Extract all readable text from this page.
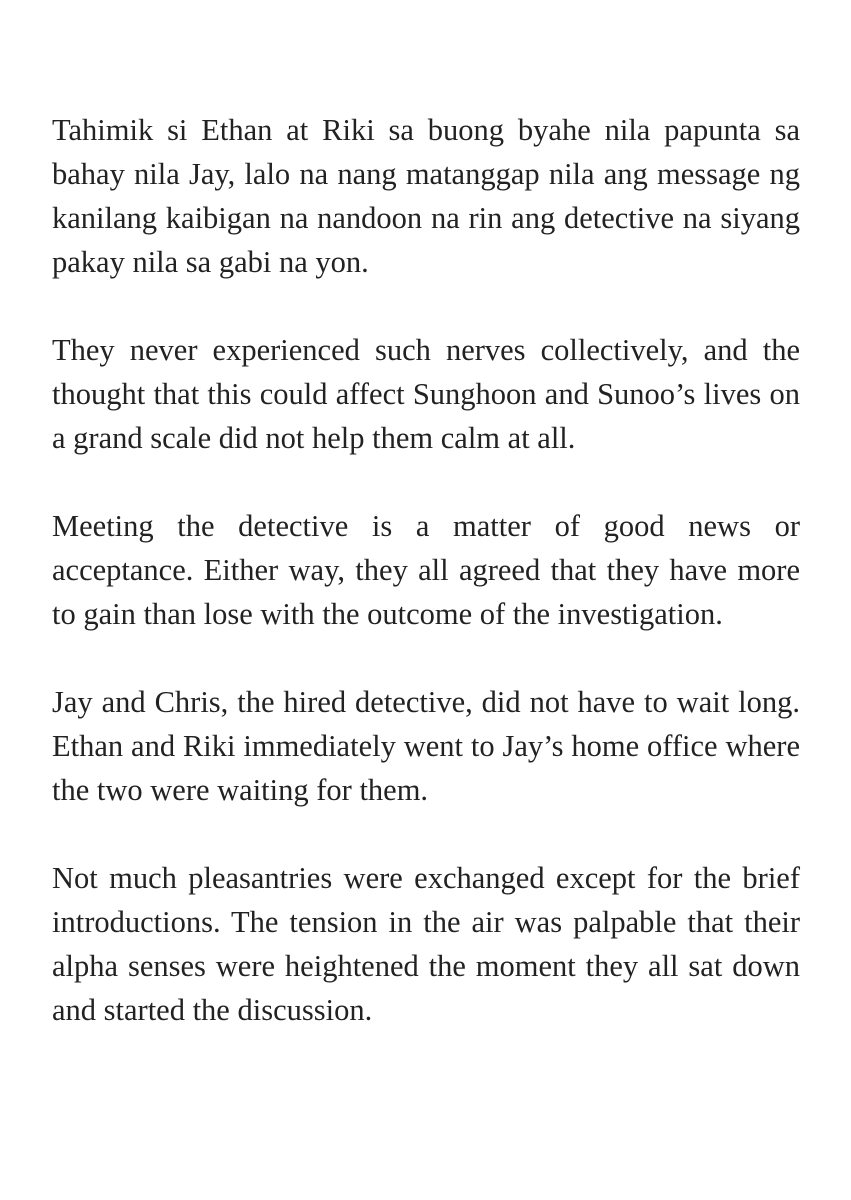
Tahimik si Ethan at Riki sa buong byahe nila papunta sa bahay nila Jay, lalo na nang matanggap nila ang message ng kanilang kaibigan na nandoon na rin ang detective na siyang pakay nila sa gabi na yon.

They never experienced such nerves collectively, and the thought that this could affect Sunghoon and Sunoo’s lives on a grand scale did not help them calm at all.

Meeting the detective is a matter of good news or acceptance. Either way, they all agreed that they have more to gain than lose with the outcome of the investigation.

Jay and Chris, the hired detective, did not have to wait long. Ethan and Riki immediately went to Jay’s home office where the two were waiting for them.

Not much pleasantries were exchanged except for the brief introductions. The tension in the air was palpable that their alpha senses were heightened the moment they all sat down and started the discussion.
